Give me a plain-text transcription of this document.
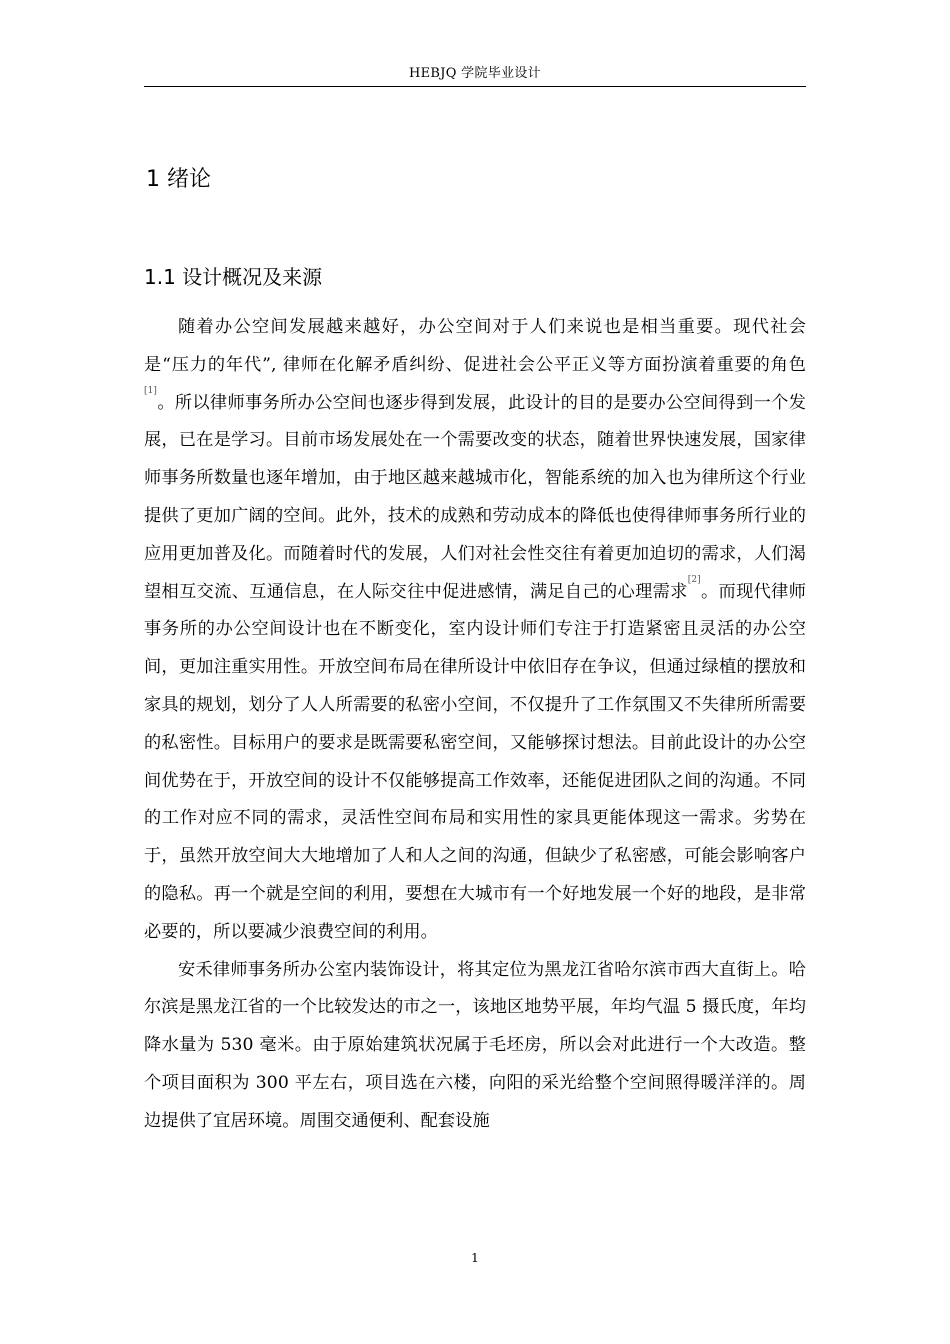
HEBJQ 学院毕业设计
1 绪论
1.1 设计概况及来源

随着办公空间发展越来越好，办公空间对于人们来说也是相当重要。现代社会是“压力的年代”, 律师在化解矛盾纠纷、促进社会公平正义等方面扮演着重要的角色[1]。所以律师事务所办公空间也逐步得到发展，此设计的目的是要办公空间得到一个发展，已在是学习。目前市场发展处在一个需要改变的状态，随着世界快速发展，国家律师事务所数量也逐年增加，由于地区越来越城市化，智能系统的加入也为律所这个行业提供了更加广阔的空间。此外，技术的成熟和劳动成本的降低也使得律师事务所行业的应用更加普及化。而随着时代的发展，人们对社会性交往有着更加迫切的需求，人们渴望相互交流、互通信息，在人际交往中促进感情，满足自己的心理需求[2]。而现代律师事务所的办公空间设计也在不断变化，室内设计师们专注于打造紧密且灵活的办公空间，更加注重实用性。开放空间布局在律所设计中依旧存在争议，但通过绿植的摆放和家具的规划，划分了人人所需要的私密小空间，不仅提升了工作氛围又不失律所所需要的私密性。目标用户的要求是既需要私密空间，又能够探讨想法。目前此设计的办公空间优势在于，开放空间的设计不仅能够提高工作效率，还能促进团队之间的沟通。不同的工作对应不同的需求，灵活性空间布局和实用性的家具更能体现这一需求。劣势在于，虽然开放空间大大地增加了人和人之间的沟通，但缺少了私密感，可能会影响客户的隐私。再一个就是空间的利用，要想在大城市有一个好地发展一个好的地段，是非常必要的，所以要减少浪费空间的利用。

安禾律师事务所办公室内装饰设计，将其定位为黑龙江省哈尔滨市西大直街上。哈尔滨是黑龙江省的一个比较发达的市之一，该地区地势平展，年均气温 5 摄氏度，年均降水量为 530 毫米。由于原始建筑状况属于毛坯房，所以会对此进行一个大改造。整个项目面积为 300 平左右，项目选在六楼，向阳的采光给整个空间照得暖洋洋的。周边提供了宜居环境。周围交通便利、配套设施

1
